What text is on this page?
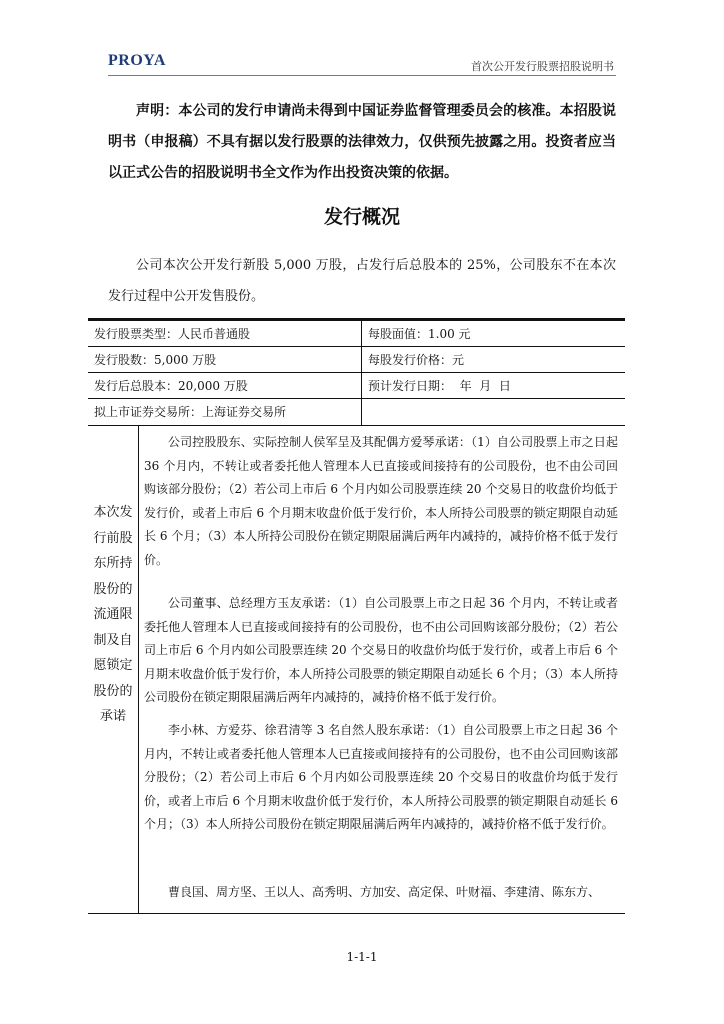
PROYA	首次公开发行股票招股说明书
声明：本公司的发行申请尚未得到中国证券监督管理委员会的核准。本招股说明书（申报稿）不具有据以发行股票的法律效力，仅供预先披露之用。投资者应当以正式公告的招股说明书全文作为作出投资决策的依据。
发行概况
公司本次公开发行新股 5,000 万股，占发行后总股本的 25%，公司股东不在本次发行过程中公开发售股份。
发行股票类型：人民币普通股	每股面值：1.00 元
发行股数：5,000 万股	每股发行价格：元
发行后总股本：20,000 万股	预计发行日期：  年  月  日
拟上市证券交易所：上海证券交易所
本次发行前股东所持股份的流通限制及自愿锁定股份的承诺
公司控股股东、实际控制人侯军呈及其配偶方爱琴承诺：（1）自公司股票上市之日起 36 个月内，不转让或者委托他人管理本人已直接或间接持有的公司股份，也不由公司回购该部分股份；（2）若公司上市后 6 个月内如公司股票连续 20 个交易日的收盘价均低于发行价，或者上市后 6 个月期末收盘价低于发行价，本人所持公司股票的锁定期限自动延长 6 个月；（3）本人所持公司股份在锁定期限届满后两年内减持的，减持价格不低于发行价。
公司董事、总经理方玉友承诺：（1）自公司股票上市之日起 36 个月内，不转让或者委托他人管理本人已直接或间接持有的公司股份，也不由公司回购该部分股份；（2）若公司上市后 6 个月内如公司股票连续 20 个交易日的收盘价均低于发行价，或者上市后 6 个月期末收盘价低于发行价，本人所持公司股票的锁定期限自动延长 6 个月；（3）本人所持公司股份在锁定期限届满后两年内减持的，减持价格不低于发行价。
李小林、方爱芬、徐君清等 3 名自然人股东承诺：（1）自公司股票上市之日起 36 个月内，不转让或者委托他人管理本人已直接或间接持有的公司股份，也不由公司回购该部分股份；（2）若公司上市后 6 个月内如公司股票连续 20 个交易日的收盘价均低于发行价，或者上市后 6 个月期末收盘价低于发行价，本人所持公司股票的锁定期限自动延长 6 个月；（3）本人所持公司股份在锁定期限届满后两年内减持的，减持价格不低于发行价。
曹良国、周方坚、王以人、高秀明、方加安、高定保、叶财福、李建清、陈东方、
1-1-1
